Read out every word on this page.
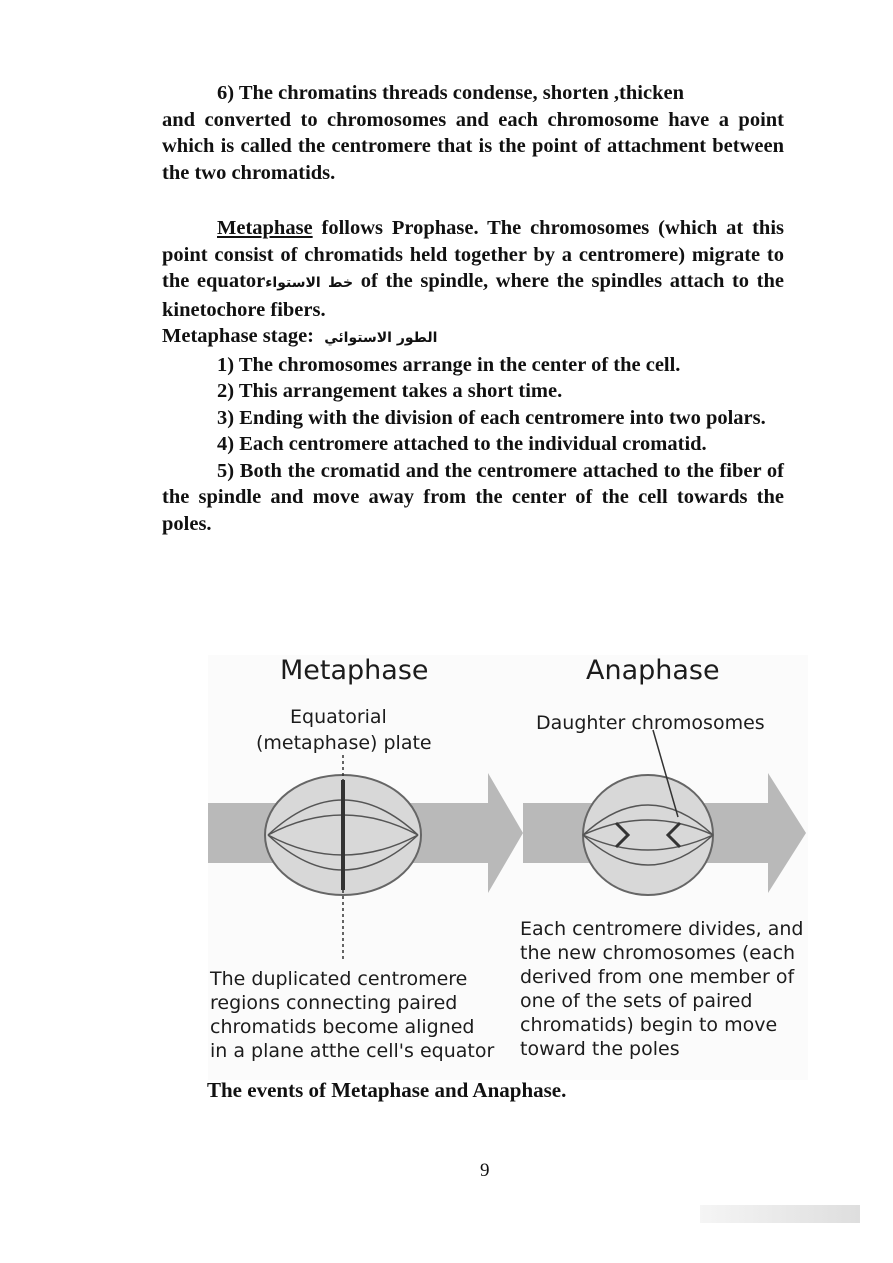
6) The chromatins threads condense, shorten ,thicken

and converted to chromosomes and each chromosome have a point which is called the centromere that is the point of attachment between the two chromatids.

Metaphase follows Prophase. The chromosomes (which at this point consist of chromatids held together by a centromere) migrate to the equatorخط الاستواء of the spindle, where the spindles attach to the kinetochore fibers.

Metaphase stage: الطور الاستوائي

1) The chromosomes arrange in the center of the cell.

2) This arrangement takes a short time.

3) Ending with the division of each centromere into two polars.

4) Each centromere attached to the individual cromatid.

5) Both the cromatid and the centromere attached to the fiber of the spindle and move away from the center of the cell towards the poles.

Metaphase	Anaphase
Equatorial
(metaphase) plate
Daughter chromosomes
The duplicated centromere
regions connecting paired
chromatids become aligned
in a plane atthe cell's equator
Each centromere divides, and
the new chromosomes (each
derived from one member of
one of the sets of paired
chromatids) begin to move
toward the poles
The events of Metaphase and Anaphase.
9
